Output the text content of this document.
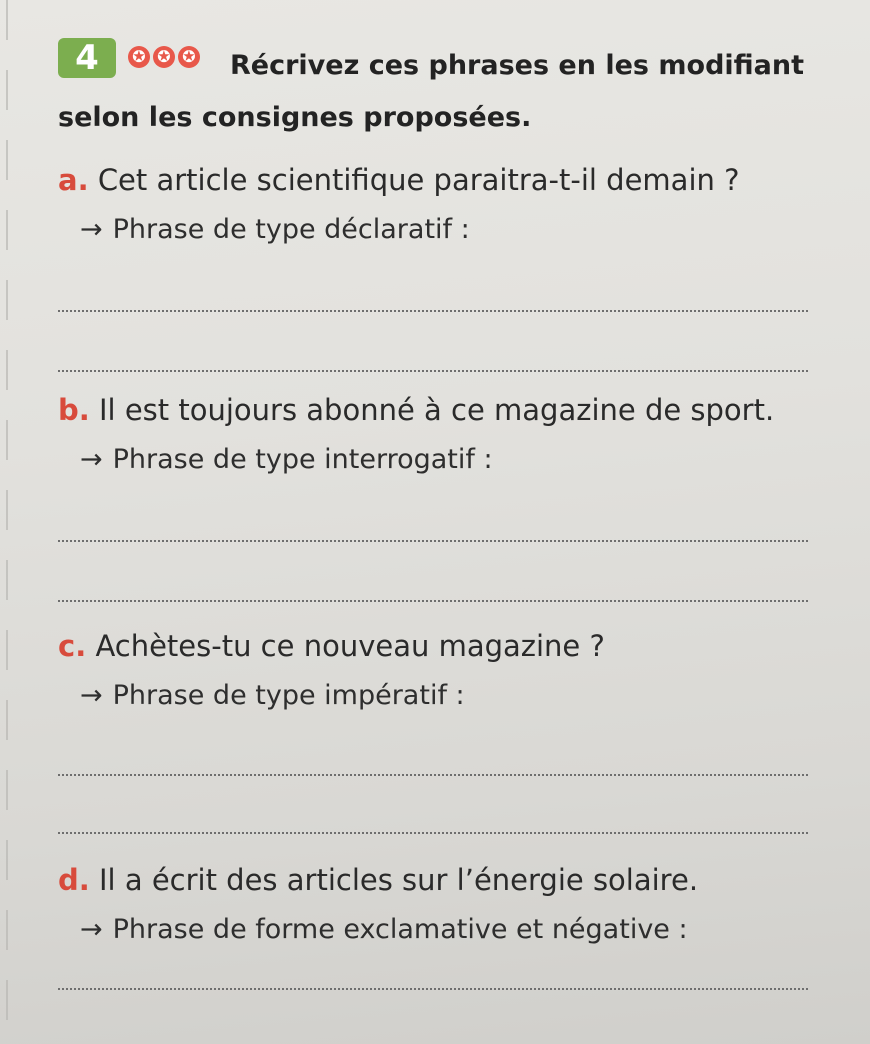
Récrivez ces phrases en les modifiant selon les consignes proposées.
4	✪ ✪ ✪
a. Cet article scientifique paraitra-t-il demain ?
→ Phrase de type déclaratif :
b. Il est toujours abonné à ce magazine de sport.
→ Phrase de type interrogatif :
c. Achètes-tu ce nouveau magazine ?
→ Phrase de type impératif :
d. Il a écrit des articles sur l’énergie solaire.
→ Phrase de forme exclamative et négative :
